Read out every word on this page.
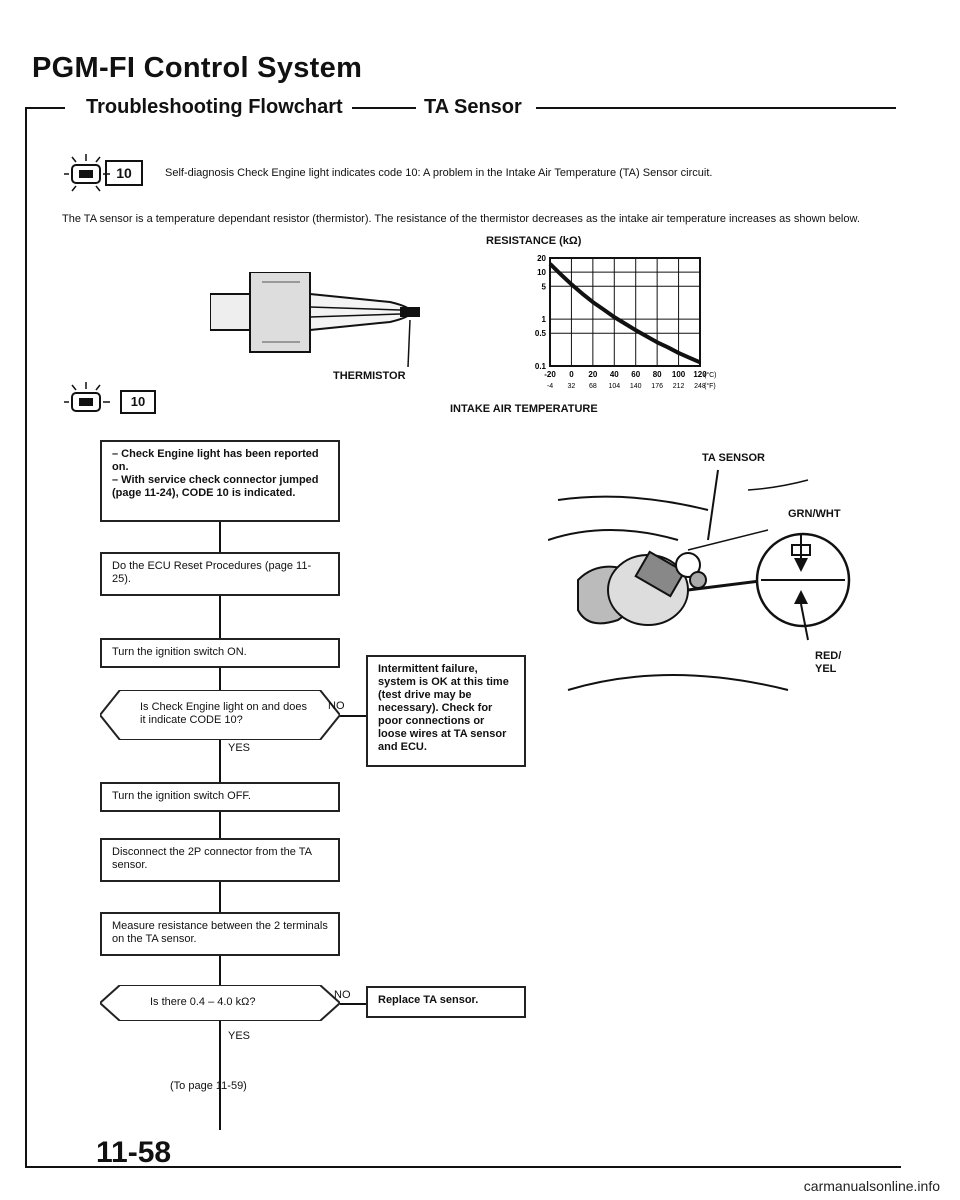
PGM-FI Control System
Troubleshooting Flowchart	TA Sensor
10	Self-diagnosis Check Engine light indicates code 10: A problem in the Intake Air Temperature (TA) Sensor circuit.
The TA sensor is a temperature dependant resistor (thermistor). The resistance of the thermistor decreases as the intake air temperature increases as shown below.
THERMISTOR
RESISTANCE (kΩ)
-20
-4
0
32
20
68
40
104
60
140
80
176
100
212
120
248
(°C)
(°F)
20
10
5
1
0.5
0.1
INTAKE AIR TEMPERATURE
10
– Check Engine light has been reported on.
– With service check connector jumped (page 11-24), CODE 10 is indicated.
Do the ECU Reset Procedures (page 11-25).
Turn the ignition switch ON.
Is Check Engine light on and does it indicate CODE 10?
NO
YES
Intermittent failure, system is OK at this time (test drive may be necessary). Check for poor connections or loose wires at TA sensor and ECU.
Turn the ignition switch OFF.
Disconnect the 2P connector from the TA sensor.
Measure resistance between the 2 terminals on the TA sensor.
Is there 0.4 – 4.0 kΩ?
NO
YES
Replace TA sensor.
(To page 11-59)
TA SENSOR
GRN/WHT
RED/
YEL
11-58
carmanualsonline.info
